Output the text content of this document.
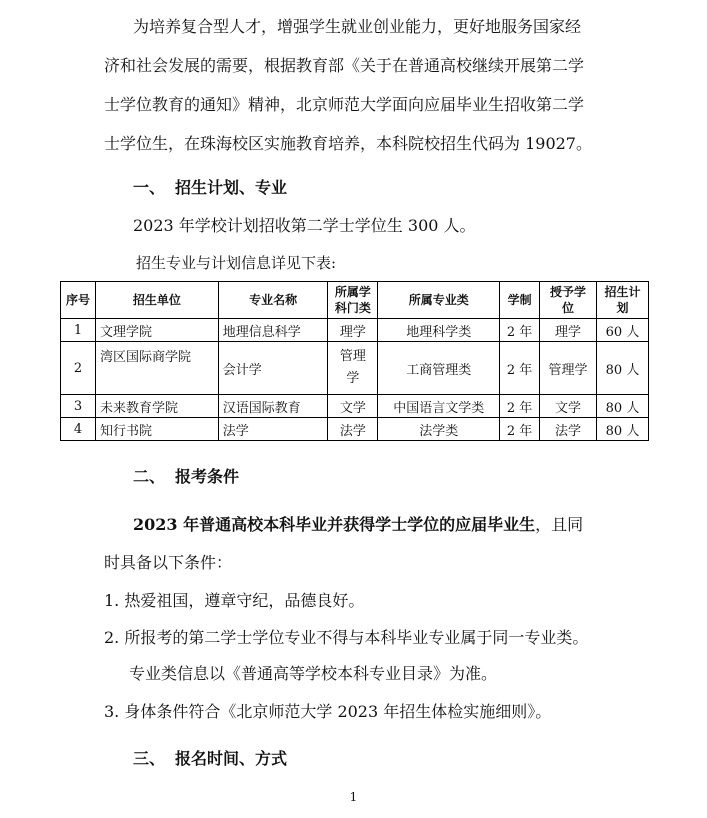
为培养复合型人才，增强学生就业创业能力，更好地服务国家经
济和社会发展的需要，根据教育部《关于在普通高校继续开展第二学
士学位教育的通知》精神，北京师范大学面向应届毕业生招收第二学
士学位生，在珠海校区实施教育培养，本科院校招生代码为 19027。
一、 招生计划、专业
2023 年学校计划招收第二学士学位生 300 人。
招生专业与计划信息详见下表:
序号	招生单位	专业名称	所属学科门类	所属专业类	学制	授予学位	招生计划
1	文理学院	地理信息科学	理学	地理科学类	2 年	理学	60 人
2	湾区国际商学院	会计学	管理学	工商管理类	2 年	管理学	80 人
3	未来教育学院	汉语国际教育	文学	中国语言文学类	2 年	文学	80 人
4	知行书院	法学	法学	法学类	2 年	法学	80 人
二、 报考条件
2023 年普通高校本科毕业并获得学士学位的应届毕业生，且同
时具备以下条件：
1. 热爱祖国，遵章守纪，品德良好。
2. 所报考的第二学士学位专业不得与本科毕业专业属于同一专业类。
专业类信息以《普通高等学校本科专业目录》为准。
3. 身体条件符合《北京师范大学 2023 年招生体检实施细则》。
三、 报名时间、方式
1
